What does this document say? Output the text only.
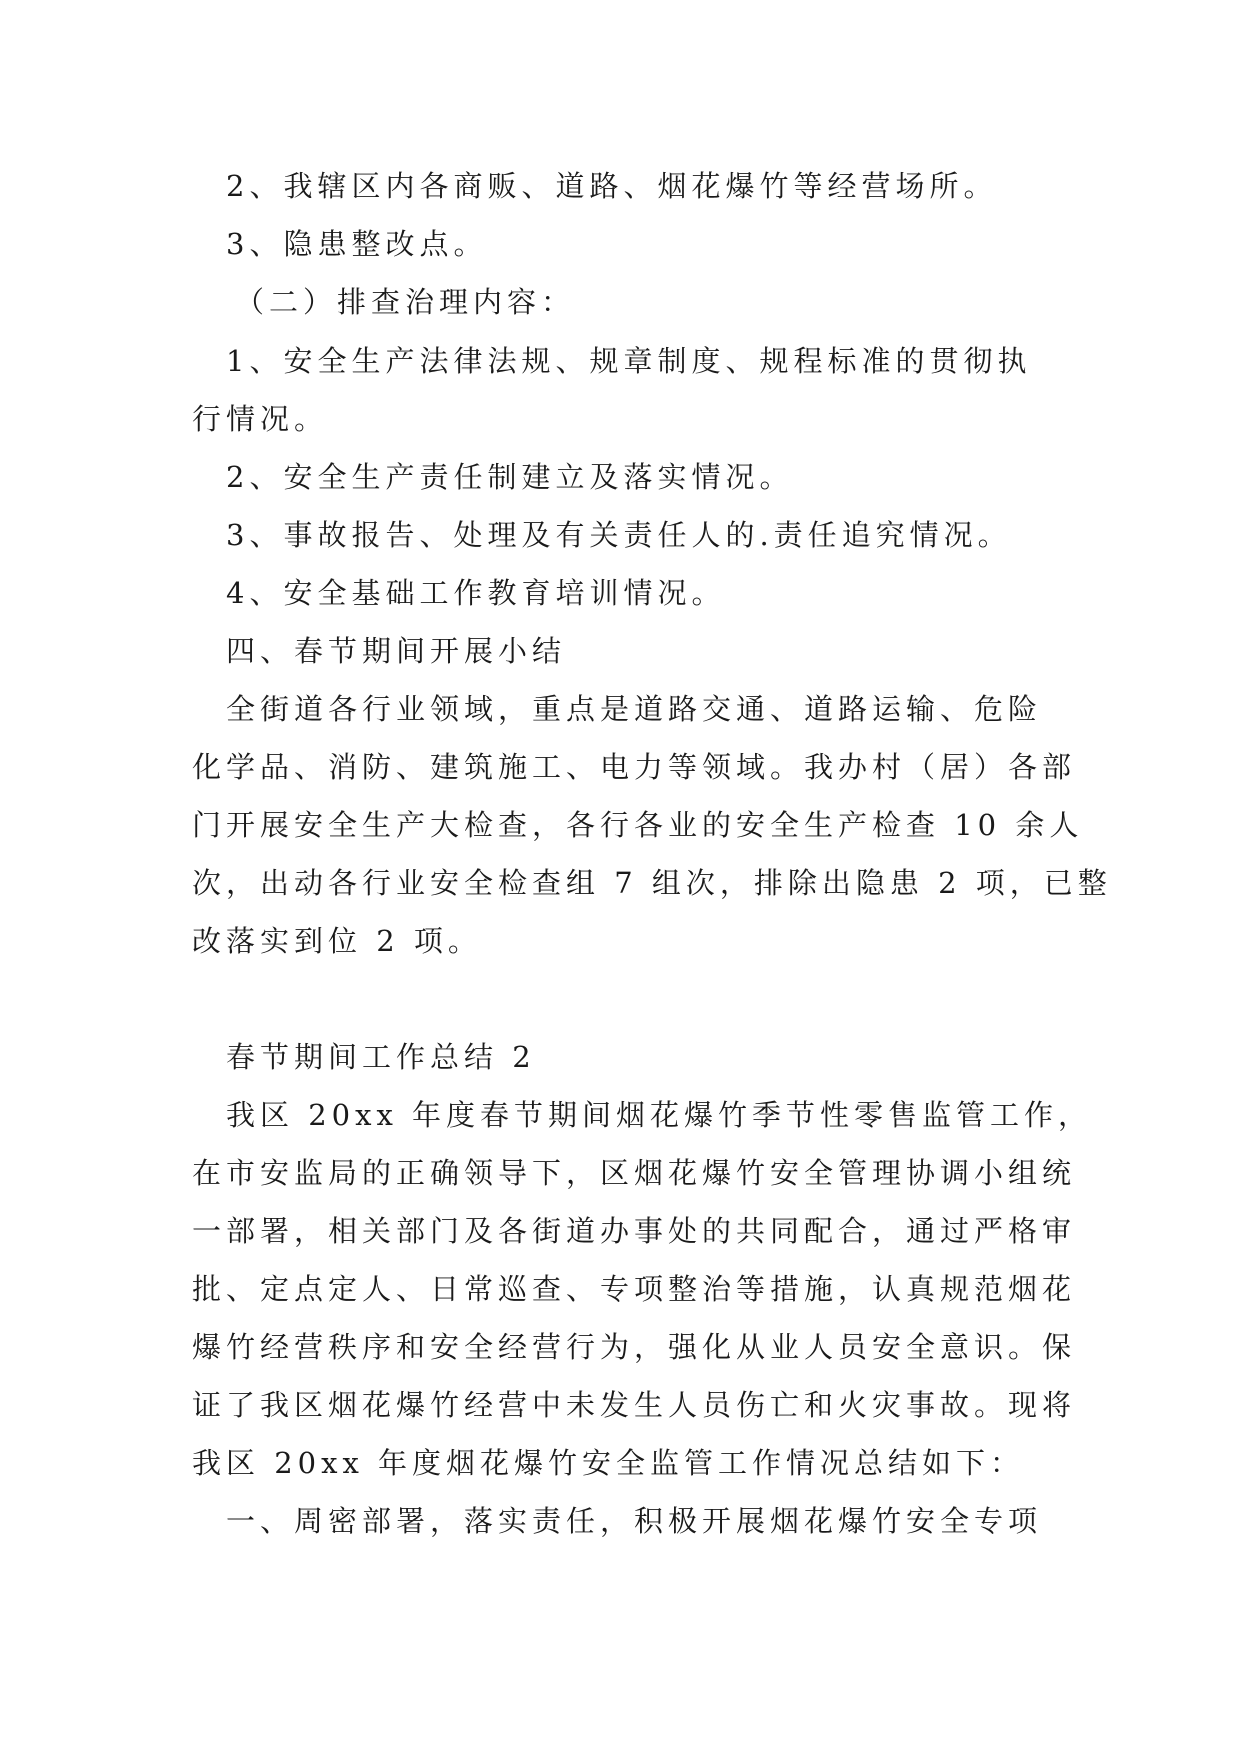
　2、我辖区内各商贩、道路、烟花爆竹等经营场所。
　3、隐患整改点。
（二）排查治理内容：
　1、安全生产法律法规、规章制度、规程标准的贯彻执
行情况。
　2、安全生产责任制建立及落实情况。
　3、事故报告、处理及有关责任人的.责任追究情况。
　4、安全基础工作教育培训情况。
　四、春节期间开展小结
　全街道各行业领域，重点是道路交通、道路运输、危险
化学品、消防、建筑施工、电力等领域。我办村（居）各部
门开展安全生产大检查，各行各业的安全生产检查 10 余人
次，出动各行业安全检查组 7 组次，排除出隐患 2 项，已整
改落实到位 2 项。
　春节期间工作总结 2
　我区 20xx 年度春节期间烟花爆竹季节性零售监管工作，
在市安监局的正确领导下，区烟花爆竹安全管理协调小组统
一部署，相关部门及各街道办事处的共同配合，通过严格审
批、定点定人、日常巡查、专项整治等措施，认真规范烟花
爆竹经营秩序和安全经营行为，强化从业人员安全意识。保
证了我区烟花爆竹经营中未发生人员伤亡和火灾事故。现将
我区 20xx 年度烟花爆竹安全监管工作情况总结如下：
　一、周密部署，落实责任，积极开展烟花爆竹安全专项
